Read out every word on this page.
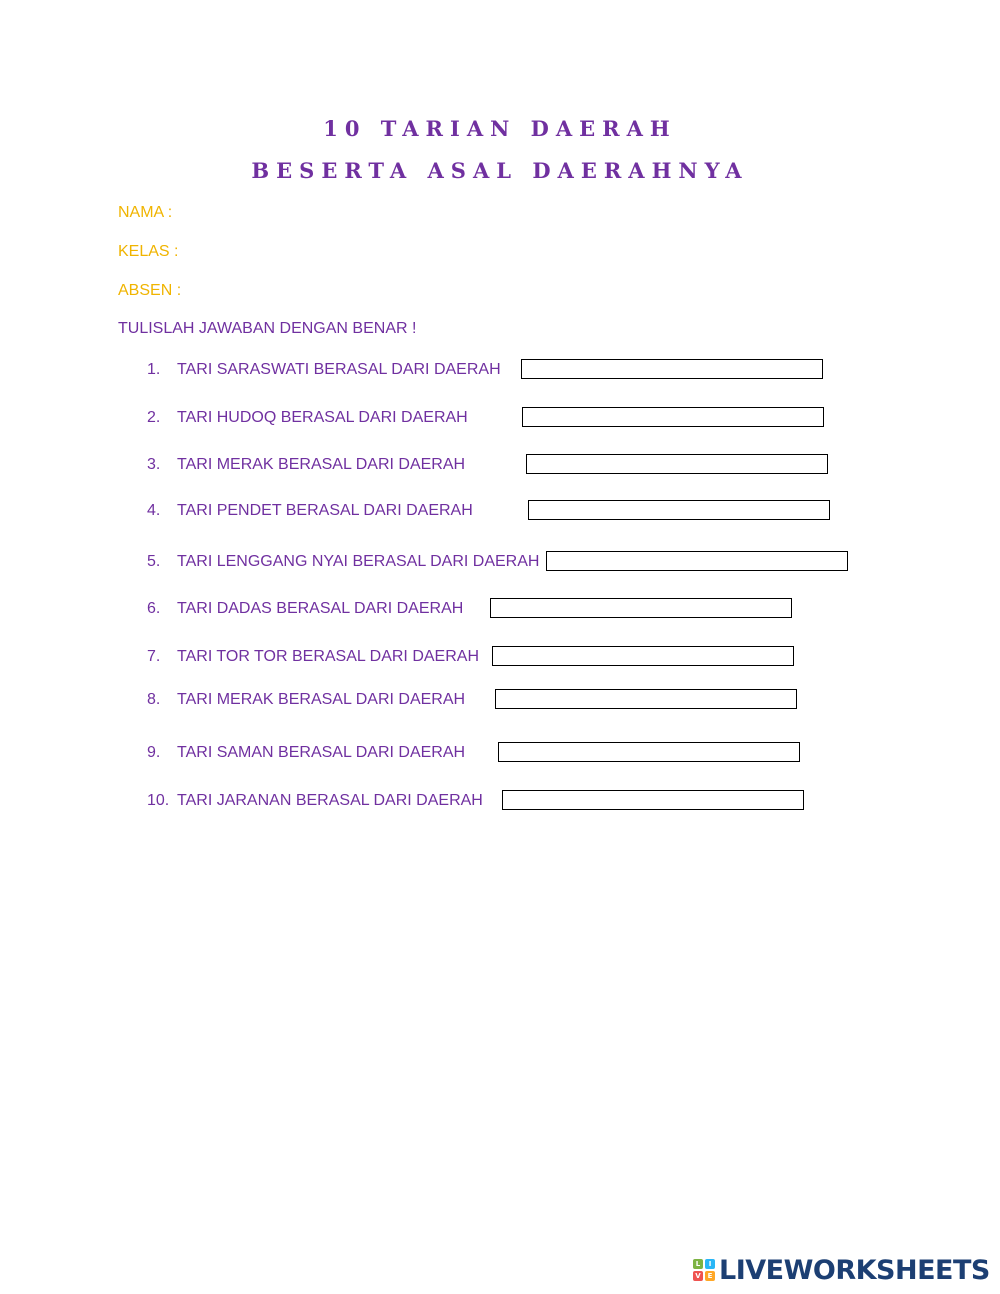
10 TARIAN DAERAH
BESERTA ASAL DAERAHNYA

NAMA :

KELAS :

ABSEN :

TULISLAH JAWABAN DENGAN BENAR !

1. TARI SARASWATI BERASAL DARI DAERAH
2. TARI HUDOQ BERASAL DARI DAERAH
3. TARI MERAK BERASAL DARI DAERAH
4. TARI PENDET BERASAL DARI DAERAH
5. TARI LENGGANG NYAI BERASAL DARI DAERAH
6. TARI DADAS BERASAL DARI DAERAH
7. TARI TOR TOR BERASAL DARI DAERAH
8. TARI MERAK BERASAL DARI DAERAH
9. TARI SAMAN BERASAL DARI DAERAH
10. TARI JARANAN BERASAL DARI DAERAH
L	I
V E LIVEWORKSHEETS
